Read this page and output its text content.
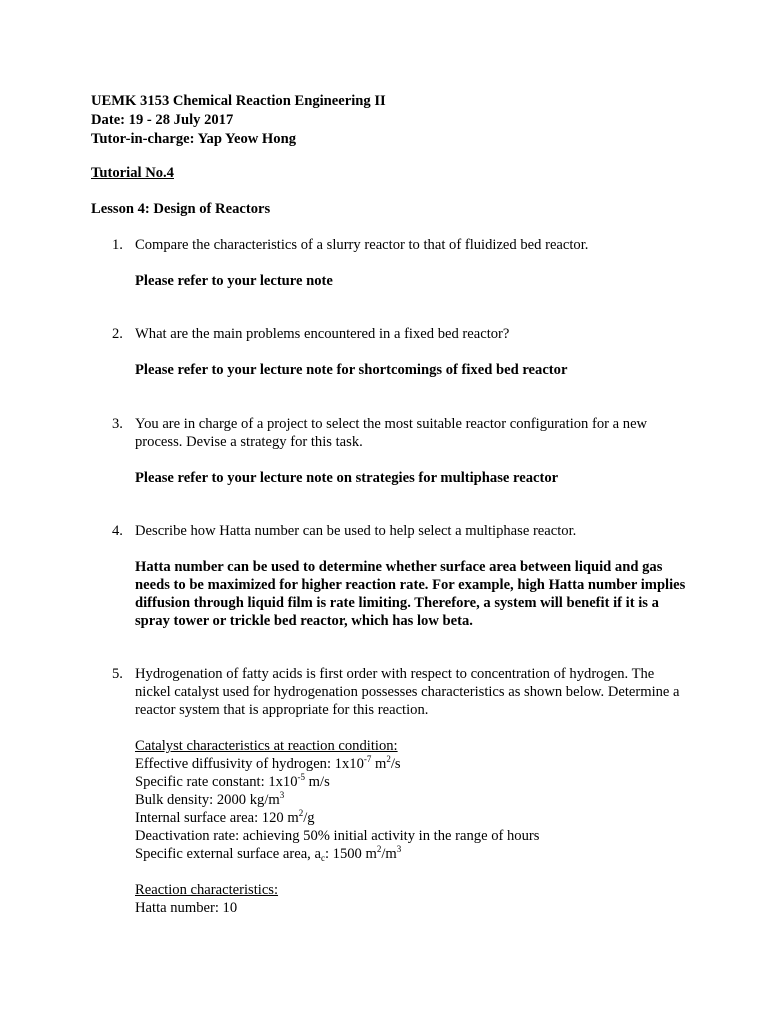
UEMK 3153 Chemical Reaction Engineering II
Date: 19 - 28 July 2017
Tutor-in-charge: Yap Yeow Hong
Tutorial No.4
Lesson 4: Design of Reactors
1. Compare the characteristics of a slurry reactor to that of fluidized bed reactor.
Please refer to your lecture note
2. What are the main problems encountered in a fixed bed reactor?
Please refer to your lecture note for shortcomings of fixed bed reactor
3. You are in charge of a project to select the most suitable reactor configuration for a new process. Devise a strategy for this task.
Please refer to your lecture note on strategies for multiphase reactor
4. Describe how Hatta number can be used to help select a multiphase reactor.
Hatta number can be used to determine whether surface area between liquid and gas needs to be maximized for higher reaction rate. For example, high Hatta number implies diffusion through liquid film is rate limiting. Therefore, a system will benefit if it is a spray tower or trickle bed reactor, which has low beta.
5. Hydrogenation of fatty acids is first order with respect to concentration of hydrogen. The nickel catalyst used for hydrogenation possesses characteristics as shown below. Determine a reactor system that is appropriate for this reaction.
Catalyst characteristics at reaction condition:
Effective diffusivity of hydrogen: $1x10^{-7}$ $m^2/s$
Specific rate constant: $1x10^{-5}$ m/s
Bulk density: 2000 $kg/m^3$
Internal surface area: 120 $m^2/g$
Deactivation rate: achieving 50% initial activity in the range of hours
Specific external surface area, $a_c$: 1500 $m^2/m^3$
Reaction characteristics:
Hatta number: 10
